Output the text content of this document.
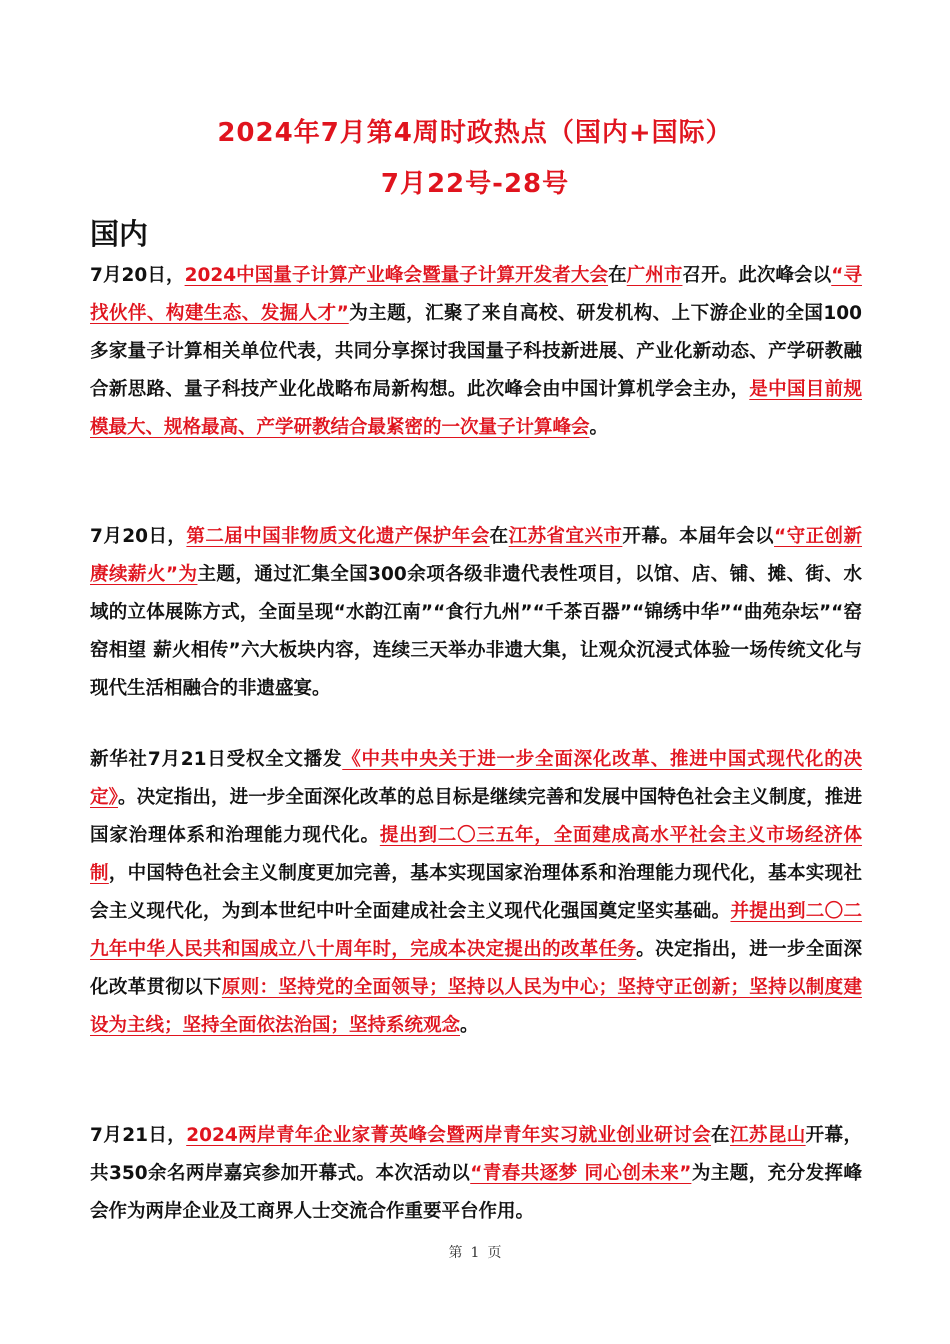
2024年7月第4周时政热点（国内+国际）
7月22号-28号
国内
7月20日，2024中国量子计算产业峰会暨量子计算开发者大会在广州市召开。此次峰会以“寻找伙伴、构建生态、发掘人才”为主题，汇聚了来自高校、研发机构、上下游企业的全国100多家量子计算相关单位代表，共同分享探讨我国量子科技新进展、产业化新动态、产学研教融合新思路、量子科技产业化战略布局新构想。此次峰会由中国计算机学会主办，是中国目前规模最大、规格最高、产学研教结合最紧密的一次量子计算峰会。
7月20日，第二届中国非物质文化遗产保护年会在江苏省宜兴市开幕。本届年会以“守正创新 赓续薪火”为主题，通过汇集全国300余项各级非遗代表性项目，以馆、店、铺、摊、街、水域的立体展陈方式，全面呈现“水韵江南”“食行九州”“千茶百器”“锦绣中华”“曲苑杂坛”“窑窑相望 薪火相传”六大板块内容，连续三天举办非遗大集，让观众沉浸式体验一场传统文化与现代生活相融合的非遗盛宴。
新华社7月21日受权全文播发《中共中央关于进一步全面深化改革、推进中国式现代化的决定》。决定指出，进一步全面深化改革的总目标是继续完善和发展中国特色社会主义制度，推进国家治理体系和治理能力现代化。提出到二〇三五年，全面建成高水平社会主义市场经济体制，中国特色社会主义制度更加完善，基本实现国家治理体系和治理能力现代化，基本实现社会主义现代化，为到本世纪中叶全面建成社会主义现代化强国奠定坚实基础。并提出到二〇二九年中华人民共和国成立八十周年时，完成本决定提出的改革任务。决定指出，进一步全面深化改革贯彻以下原则：坚持党的全面领导；坚持以人民为中心；坚持守正创新；坚持以制度建设为主线；坚持全面依法治国；坚持系统观念。
7月21日，2024两岸青年企业家菁英峰会暨两岸青年实习就业创业研讨会在江苏昆山开幕，共350余名两岸嘉宾参加开幕式。本次活动以“青春共逐梦 同心创未来”为主题，充分发挥峰会作为两岸企业及工商界人士交流合作重要平台作用。
第 1 页
